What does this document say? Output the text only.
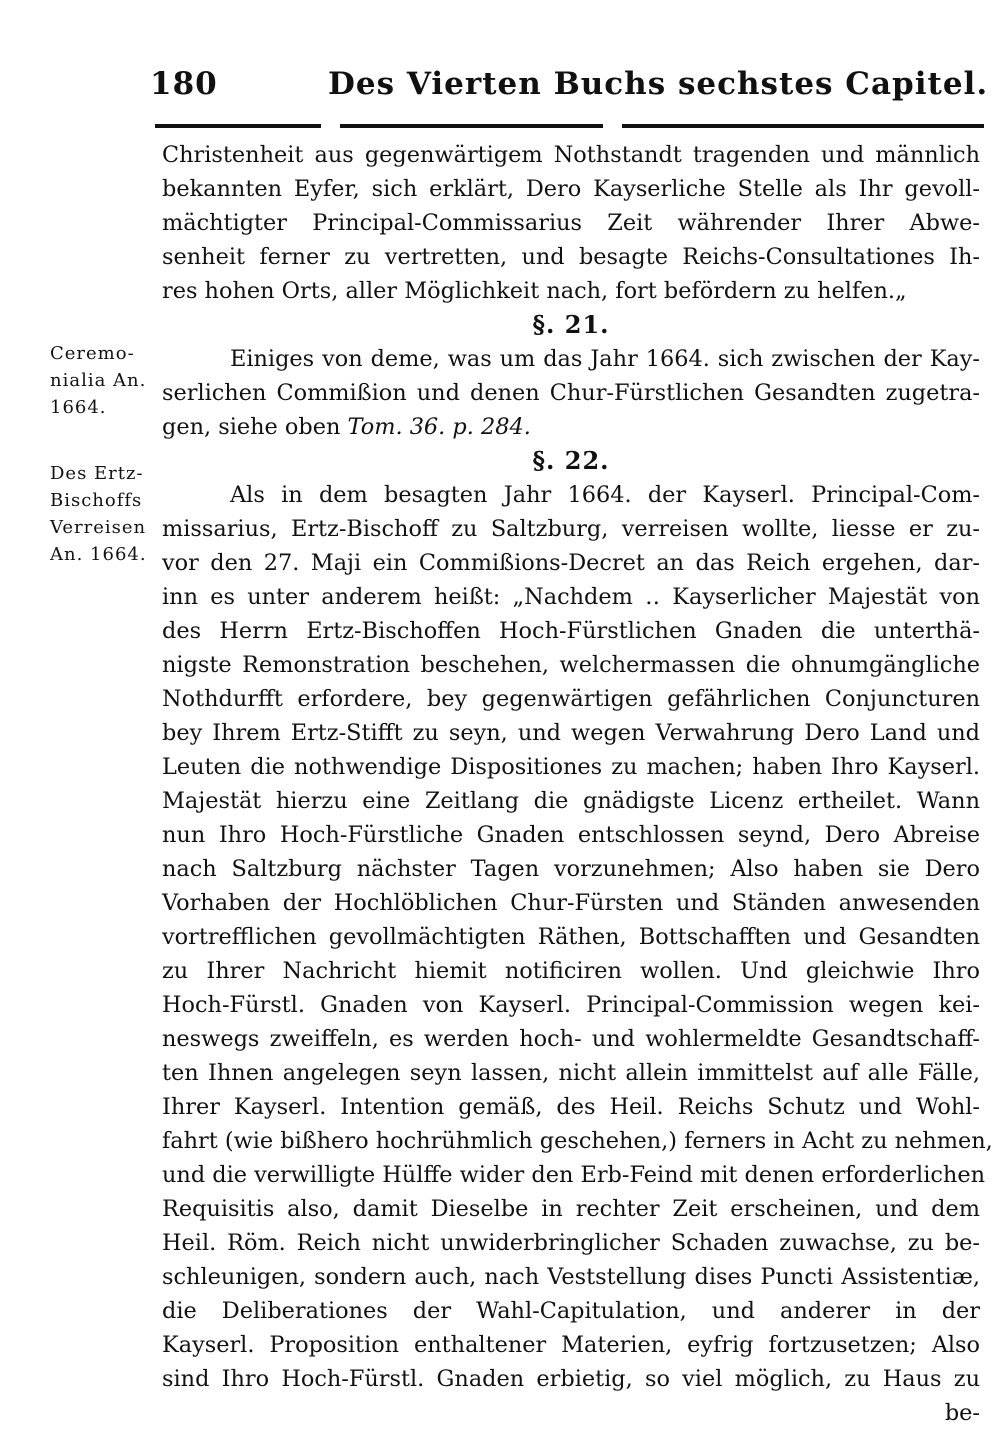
180	Des Vierten Buchs sechstes Capitel.
Ceremo-
nialia An.
1664.
Des Ertz-
Bischoffs
Verreisen
An. 1664.
Christenheit aus gegenwärtigem Nothstandt tragenden und männlich
bekannten Eyfer, sich erklärt, Dero Kayserliche Stelle als Ihr gevoll-
mächtigter Principal-Commissarius Zeit währender Ihrer Abwe-
senheit ferner zu vertretten, und besagte Reichs-Consultationes Ih-
res hohen Orts, aller Möglichkeit nach, fort befördern zu helfen.„
§. 21.
Einiges von deme, was um das Jahr 1664. sich zwischen der Kay-
serlichen Commißion und denen Chur-Fürstlichen Gesandten zugetra-
gen, siehe oben Tom. 36. p. 284.
§. 22.
Als in dem besagten Jahr 1664. der Kayserl. Principal-Com-
missarius, Ertz-Bischoff zu Saltzburg, verreisen wollte, liesse er zu-
vor den 27. Maji ein Commißions-Decret an das Reich ergehen, dar-
inn es unter anderem heißt: „Nachdem ‥ Kayserlicher Majestät von
des Herrn Ertz-Bischoffen Hoch-Fürstlichen Gnaden die unterthä-
nigste Remonstration beschehen, welchermassen die ohnumgängliche
Nothdurfft erfordere, bey gegenwärtigen gefährlichen Conjuncturen
bey Ihrem Ertz-Stifft zu seyn, und wegen Verwahrung Dero Land und
Leuten die nothwendige Dispositiones zu machen; haben Ihro Kayserl.
Majestät hierzu eine Zeitlang die gnädigste Licenz ertheilet. Wann
nun Ihro Hoch-Fürstliche Gnaden entschlossen seynd, Dero Abreise
nach Saltzburg nächster Tagen vorzunehmen; Also haben sie Dero
Vorhaben der Hochlöblichen Chur-Fürsten und Ständen anwesenden
vortrefflichen gevollmächtigten Räthen, Bottschafften und Gesandten
zu Ihrer Nachricht hiemit notificiren wollen. Und gleichwie Ihro
Hoch-Fürstl. Gnaden von Kayserl. Principal-Commission wegen kei-
neswegs zweiffeln, es werden hoch- und wohlermeldte Gesandtschaff-
ten Ihnen angelegen seyn lassen, nicht allein immittelst auf alle Fälle,
Ihrer Kayserl. Intention gemäß, des Heil. Reichs Schutz und Wohl-
fahrt (wie bißhero hochrühmlich geschehen,) ferners in Acht zu nehmen,
und die verwilligte Hülffe wider den Erb-Feind mit denen erforderlichen
Requisitis also, damit Dieselbe in rechter Zeit erscheinen, und dem
Heil. Röm. Reich nicht unwiderbringlicher Schaden zuwachse, zu be-
schleunigen, sondern auch, nach Veststellung dises Puncti Assistentiæ,
die Deliberationes der Wahl-Capitulation, und anderer in der
Kayserl. Proposition enthaltener Materien, eyfrig fortzusetzen; Also
sind Ihro Hoch-Fürstl. Gnaden erbietig, so viel möglich, zu Haus zu
be-
